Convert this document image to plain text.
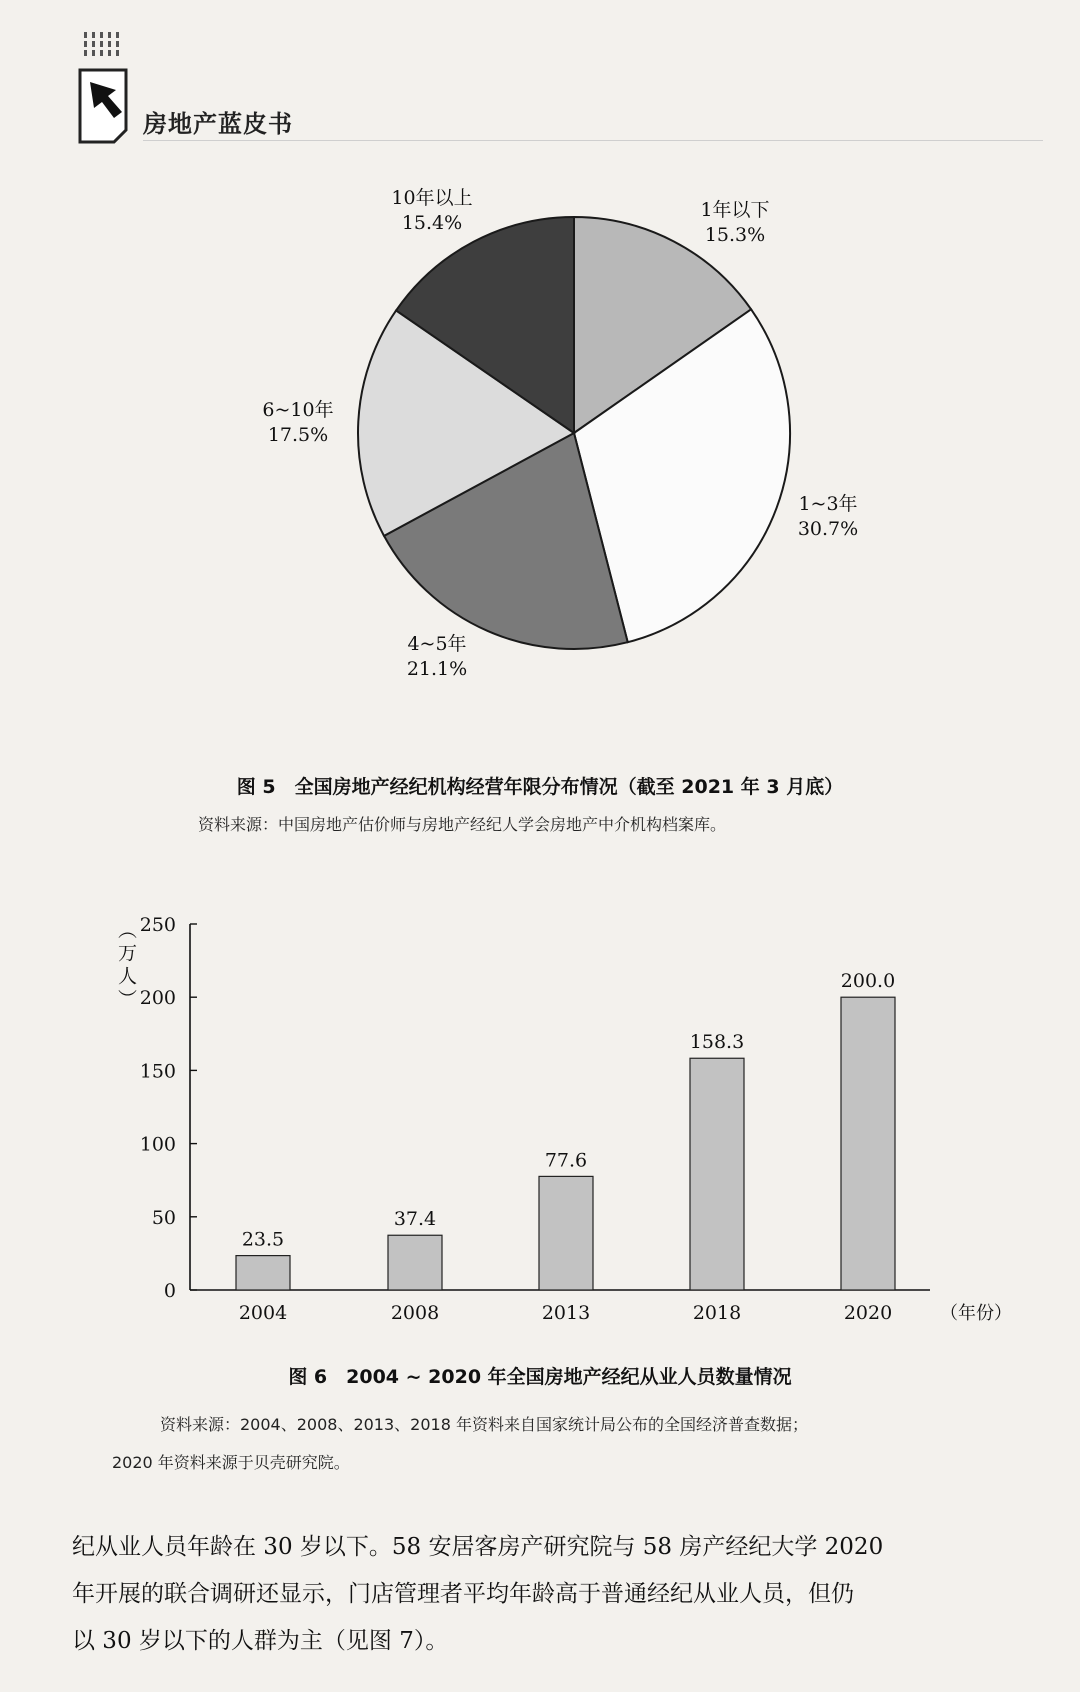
房地产蓝皮书
1年以下
15.3%
1~3年
30.7%
4~5年
21.1%
6~10年
17.5%
10年以上
15.4%
图 5　全国房地产经纪机构经营年限分布情况（截至 2021 年 3 月底）
资料来源：中国房地产估价师与房地产经纪人学会房地产中介机构档案库。
（万人）
0
50
100
150
200
250
23.5
2004
37.4
2008
77.6
2013
158.3
2018
200.0
2020	（年份）
图 6　2004 ~ 2020 年全国房地产经纪从业人员数量情况
资料来源：2004、2008、2013、2018 年资料来自国家统计局公布的全国经济普查数据；
2020 年资料来源于贝壳研究院。
纪从业人员年龄在 30 岁以下。58 安居客房产研究院与 58 房产经纪大学 2020
年开展的联合调研还显示，门店管理者平均年龄高于普通经纪从业人员，但仍
以 30 岁以下的人群为主（见图 7）。
